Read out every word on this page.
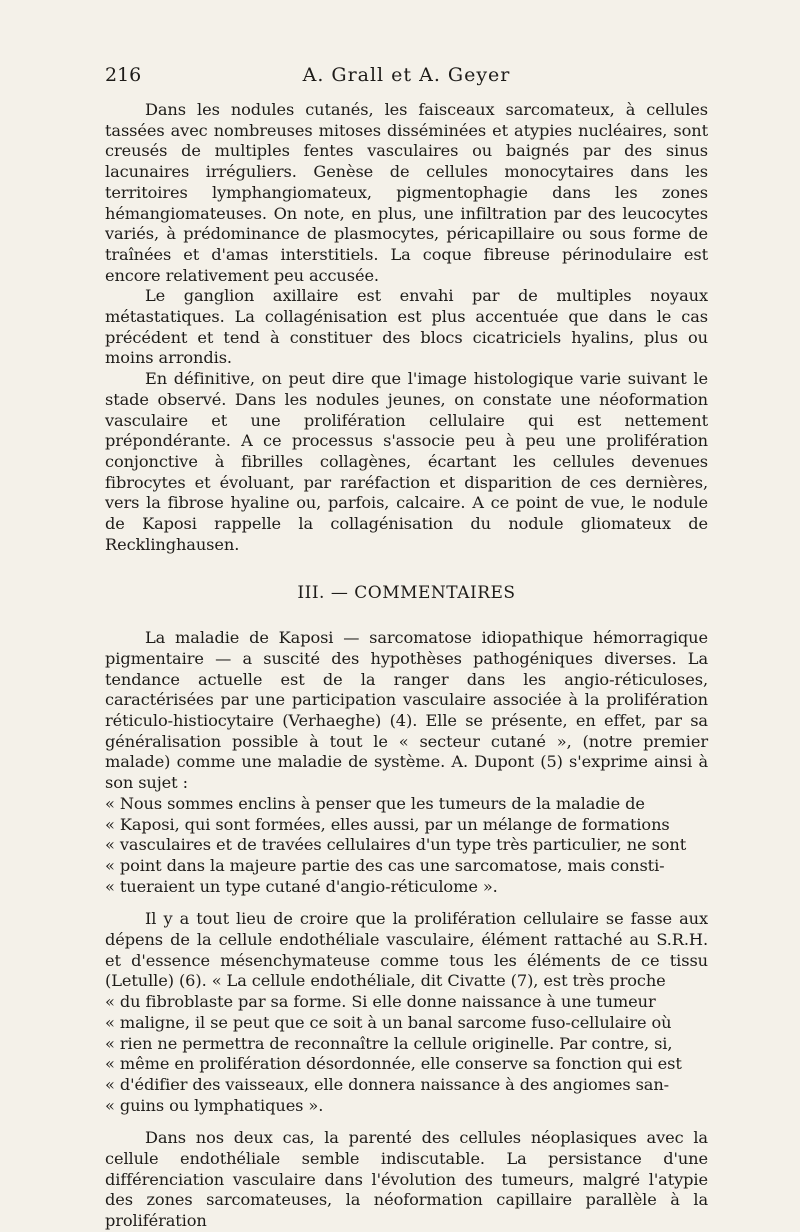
216	A. Grall et A. Geyer

Dans les nodules cutanés, les faisceaux sarcomateux, à cellules tassées avec nombreuses mitoses disséminées et atypies nucléaires, sont creusés de multiples fentes vasculaires ou baignés par des sinus lacunaires irréguliers. Genèse de cellules monocytaires dans les territoires lymphangiomateux, pigmentophagie dans les zones hémangiomateuses. On note, en plus, une infiltration par des leucocytes variés, à prédominance de plasmocytes, péricapillaire ou sous forme de traînées et d'amas interstitiels. La coque fibreuse périnodulaire est encore relativement peu accusée.

Le ganglion axillaire est envahi par de multiples noyaux métastatiques. La collagénisation est plus accentuée que dans le cas précédent et tend à constituer des blocs cicatriciels hyalins, plus ou moins arrondis.

En définitive, on peut dire que l'image histologique varie suivant le stade observé. Dans les nodules jeunes, on constate une néoformation vasculaire et une prolifération cellulaire qui est nettement prépondérante. A ce processus s'associe peu à peu une prolifération conjonctive à fibrilles collagènes, écartant les cellules devenues fibrocytes et évoluant, par raréfaction et disparition de ces dernières, vers la fibrose hyaline ou, parfois, calcaire. A ce point de vue, le nodule de Kaposi rappelle la collagénisation du nodule gliomateux de Recklinghausen.

III. — COMMENTAIRES

La maladie de Kaposi — sarcomatose idiopathique hémorragique pigmentaire — a suscité des hypothèses pathogéniques diverses. La tendance actuelle est de la ranger dans les angio-réticuloses, caractérisées par une participation vasculaire associée à la prolifération réticulo-histiocytaire (Verhaeghe) (4). Elle se présente, en effet, par sa généralisation possible à tout le « secteur cutané », (notre premier malade) comme une maladie de système. A. Dupont (5) s'exprime ainsi à son sujet :

« Nous sommes enclins à penser que les tumeurs de la maladie de

« Kaposi, qui sont formées, elles aussi, par un mélange de formations

« vasculaires et de travées cellulaires d'un type très particulier, ne sont

« point dans la majeure partie des cas une sarcomatose, mais consti-

« tueraient un type cutané d'angio-réticulome ».

Il y a tout lieu de croire que la prolifération cellulaire se fasse aux dépens de la cellule endothéliale vasculaire, élément rattaché au S.R.H. et d'essence mésenchymateuse comme tous les éléments de ce tissu (Letulle) (6). « La cellule endothéliale, dit Civatte (7), est très proche

« du fibroblaste par sa forme. Si elle donne naissance à une tumeur

« maligne, il se peut que ce soit à un banal sarcome fuso-cellulaire où

« rien ne permettra de reconnaître la cellule originelle. Par contre, si,

« même en prolifération désordonnée, elle conserve sa fonction qui est

« d'édifier des vaisseaux, elle donnera naissance à des angiomes san-

« guins ou lymphatiques ».

Dans nos deux cas, la parenté des cellules néoplasiques avec la cellule endothéliale semble indiscutable. La persistance d'une différenciation vasculaire dans l'évolution des tumeurs, malgré l'atypie des zones sarcomateuses, la néoformation capillaire parallèle à la prolifération
